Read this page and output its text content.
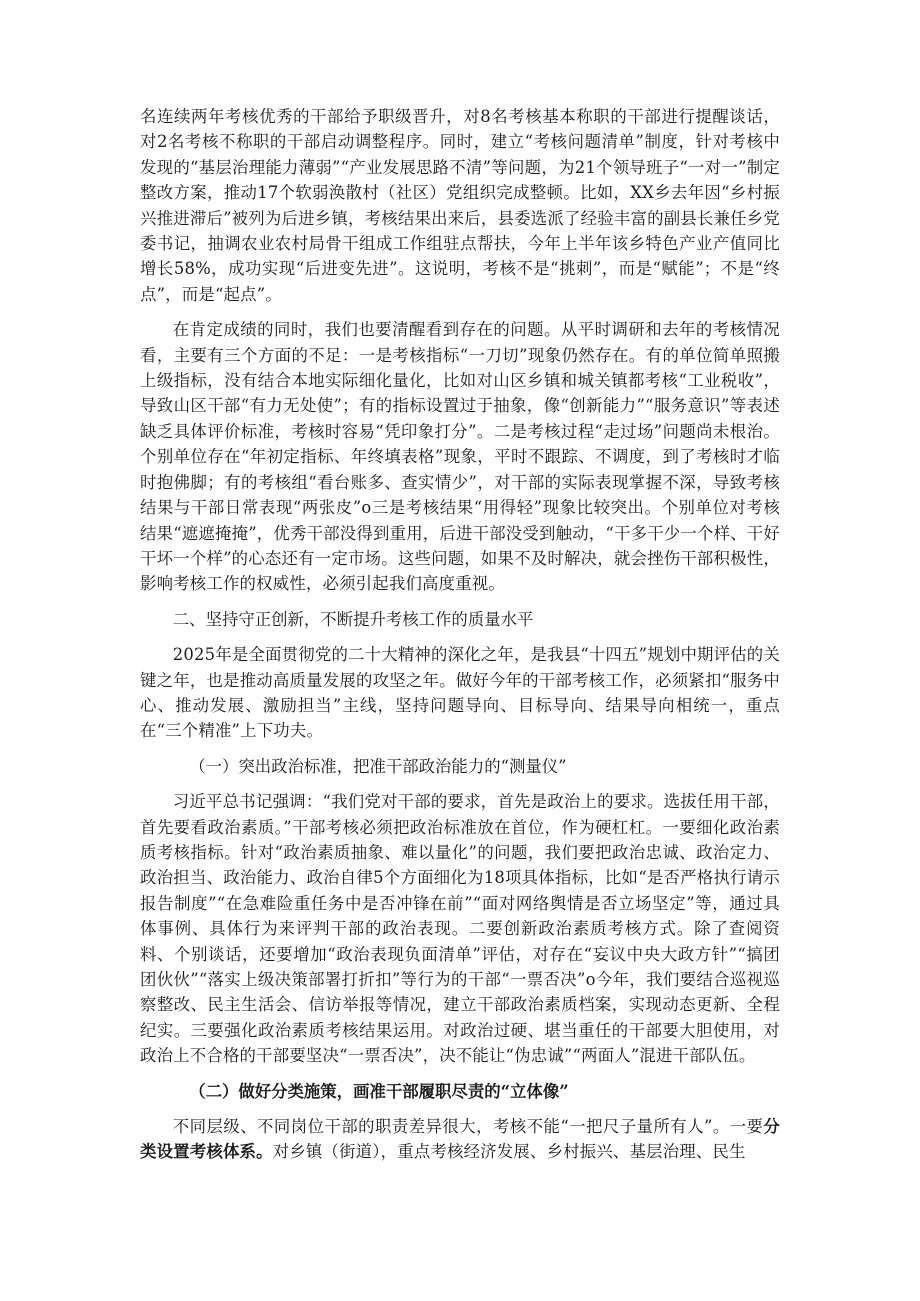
名连续两年考核优秀的干部给予职级晋升，对8名考核基本称职的干部进行提醒谈话，对2名考核不称职的干部启动调整程序。同时，建立“考核问题清单”制度，针对考核中发现的“基层治理能力薄弱”“产业发展思路不清”等问题，为21个领导班子“一对一”制定整改方案，推动17个软弱涣散村（社区）党组织完成整顿。比如，XX乡去年因“乡村振兴推进滞后”被列为后进乡镇，考核结果出来后，县委选派了经验丰富的副县长兼任乡党委书记，抽调农业农村局骨干组成工作组驻点帮扶，今年上半年该乡特色产业产值同比增长58%，成功实现“后进变先进”。这说明，考核不是“挑刺”，而是“赋能”；不是“终点”，而是“起点”。

在肯定成绩的同时，我们也要清醒看到存在的问题。从平时调研和去年的考核情况看，主要有三个方面的不足：一是考核指标“一刀切”现象仍然存在。有的单位简单照搬上级指标，没有结合本地实际细化量化，比如对山区乡镇和城关镇都考核“工业税收”，导致山区干部“有力无处使”；有的指标设置过于抽象，像“创新能力”“服务意识”等表述缺乏具体评价标准，考核时容易“凭印象打分”。二是考核过程“走过场”问题尚未根治。个别单位存在“年初定指标、年终填表格”现象，平时不跟踪、不调度，到了考核时才临时抱佛脚；有的考核组“看台账多、查实情少”，对干部的实际表现掌握不深，导致考核结果与干部日常表现“两张皮”o三是考核结果“用得轻”现象比较突出。个别单位对考核结果“遮遮掩掩”，优秀干部没得到重用，后进干部没受到触动，“干多干少一个样、干好干坏一个样”的心态还有一定市场。这些问题，如果不及时解决，就会挫伤干部积极性，影响考核工作的权威性，必须引起我们高度重视。

二、坚持守正创新，不断提升考核工作的质量水平

2025年是全面贯彻党的二十大精神的深化之年，是我县“十四五”规划中期评估的关键之年，也是推动高质量发展的攻坚之年。做好今年的干部考核工作，必须紧扣“服务中心、推动发展、激励担当”主线，坚持问题导向、目标导向、结果导向相统一，重点在“三个精准”上下功夫。

（一）突出政治标准，把准干部政治能力的“测量仪”

习近平总书记强调：“我们党对干部的要求，首先是政治上的要求。选拔任用干部，首先要看政治素质。”干部考核必须把政治标准放在首位，作为硬杠杠。一要细化政治素质考核指标。针对“政治素质抽象、难以量化”的问题，我们要把政治忠诚、政治定力、政治担当、政治能力、政治自律5个方面细化为18项具体指标，比如“是否严格执行请示报告制度”“在急难险重任务中是否冲锋在前”“面对网络舆情是否立场坚定”等，通过具体事例、具体行为来评判干部的政治表现。二要创新政治素质考核方式。除了查阅资料、个别谈话，还要增加“政治表现负面清单”评估，对存在“妄议中央大政方针”“搞团团伙伙”“落实上级决策部署打折扣”等行为的干部“一票否决”o今年，我们要结合巡视巡察整改、民主生活会、信访举报等情况，建立干部政治素质档案，实现动态更新、全程纪实。三要强化政治素质考核结果运用。对政治过硬、堪当重任的干部要大胆使用，对政治上不合格的干部要坚决“一票否决”，决不能让“伪忠诚”“两面人”混进干部队伍。

（二）做好分类施策，画准干部履职尽责的“立体像”

不同层级、不同岗位干部的职责差异很大，考核不能“一把尺子量所有人”。一要分类设置考核体系。对乡镇（街道），重点考核经济发展、乡村振兴、基层治理、民生
